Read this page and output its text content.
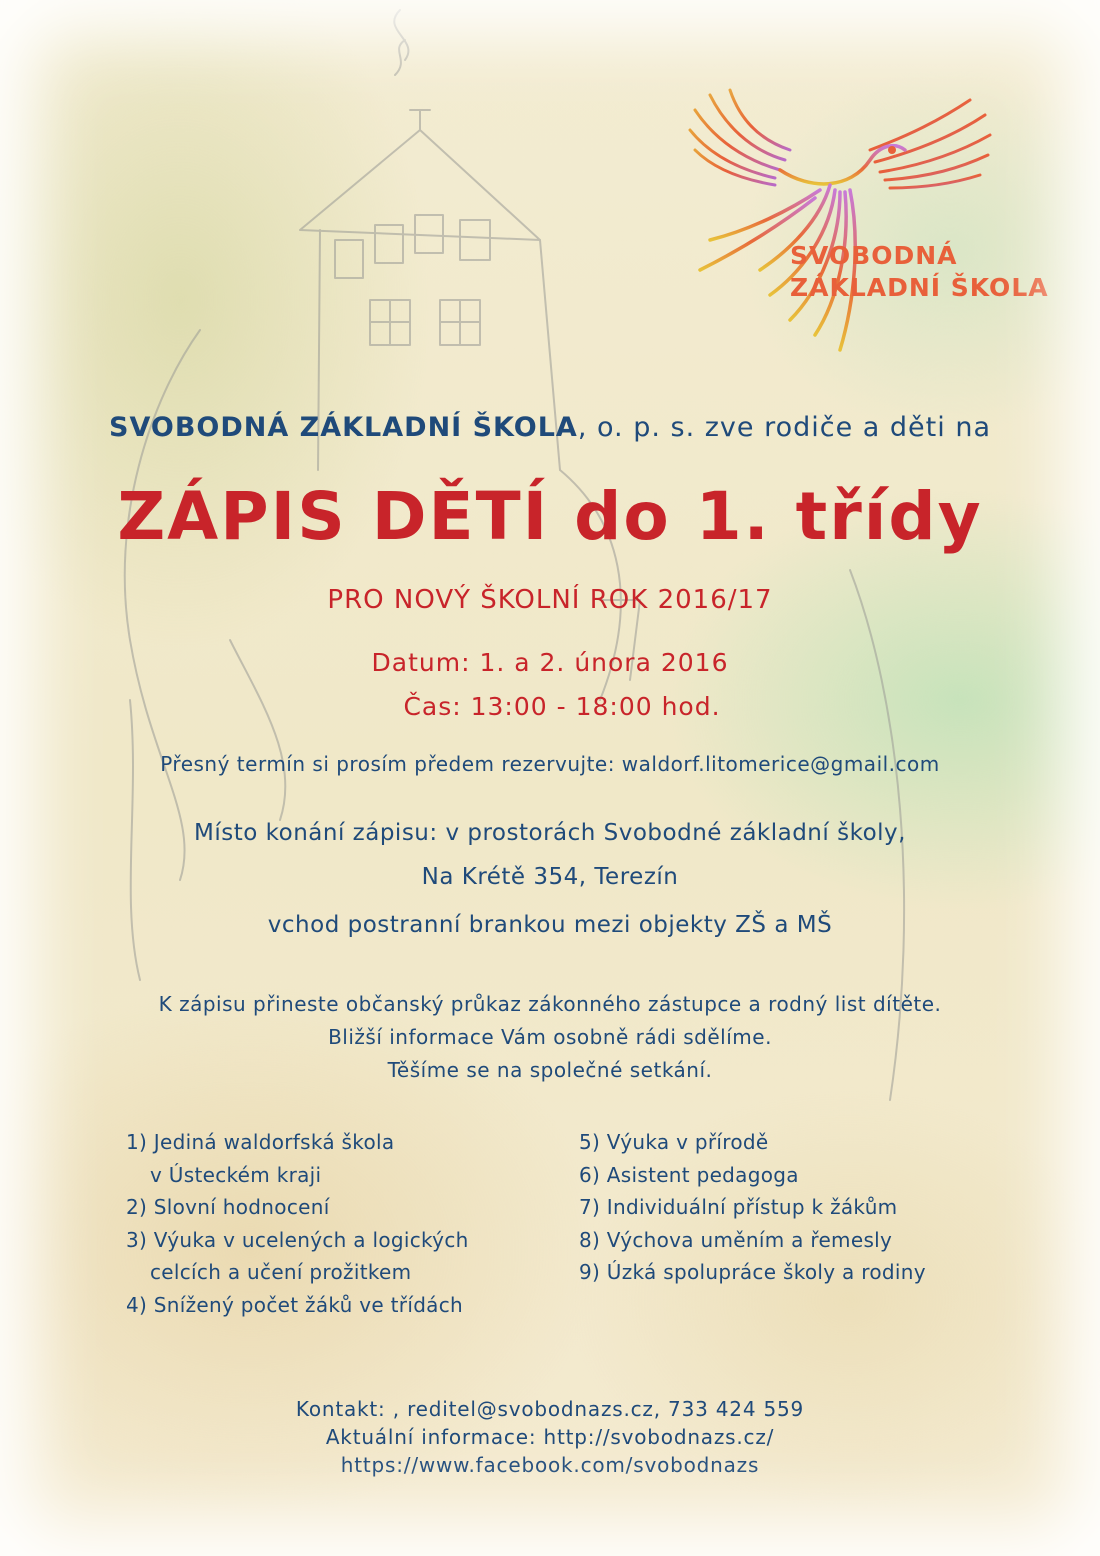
SVOBODNÁ
ZÁKLADNÍ ŠKOLA
SVOBODNÁ ZÁKLADNÍ ŠKOLA, o. p. s. zve rodiče a děti na
ZÁPIS DĚTÍ do 1. třídy
PRO NOVÝ ŠKOLNÍ ROK 2016/17
Datum: 1. a 2. února 2016
Čas: 13:00 - 18:00 hod.
Přesný termín si prosím předem rezervujte: waldorf.litomerice@gmail.com
Místo konání zápisu: v prostorách Svobodné základní školy,
Na Krétě 354, Terezín
vchod postranní brankou mezi objekty ZŠ a MŠ
K zápisu přineste občanský průkaz zákonného zástupce a rodný list dítěte.
Bližší informace Vám osobně rádi sdělíme.
Těšíme se na společné setkání.
1) Jediná waldorfská škola
v Ústeckém kraji
2) Slovní hodnocení
3) Výuka v ucelených a logických
celcích a učení prožitkem
4) Snížený počet žáků ve třídách
5) Výuka v přírodě
6) Asistent pedagoga
7) Individuální přístup k žákům
8) Výchova uměním a řemesly
9) Úzká spolupráce školy a rodiny
Kontakt: , reditel@svobodnazs.cz, 733 424 559
Aktuální informace: http://svobodnazs.cz/
https://www.facebook.com/svobodnazs
